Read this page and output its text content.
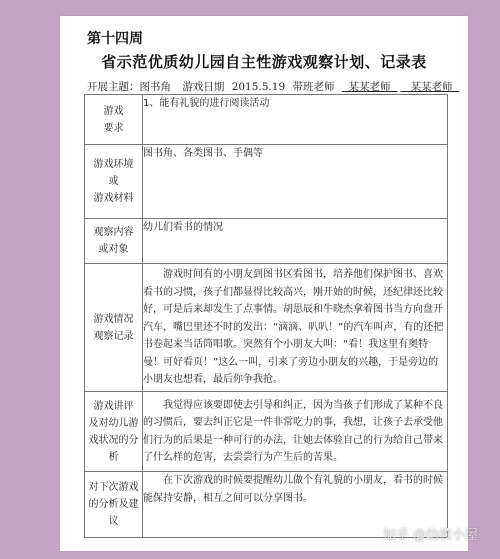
第十四周
省示范优质幼儿园自主性游戏观察计划、记录表
开展主题：图书角 游戏日期 2015.5.19 带班老师 某某老师 某某老师
游戏
要求	1、能有礼貌的进行阅读活动

游戏环境
或
游戏材料	图书角、各类图书、手偶等

观察内容
或对象	幼儿们看书的情况

游戏情况
观察记录	游戏时间有的小朋友到图书区看图书，培养他们保护图书、喜欢看书的习惯，孩子们都显得比较高兴，刚开始的时候，还纪律还比较好，可是后来却发生了点事情。胡思辰和牛晓杰拿着图书当方向盘开汽车，嘴巴里还不时的发出：“滴滴、叭叭！”的汽车叫声，有的还把书卷起来当话筒唱歌。突然有个小朋友大叫：“看！我这里有奥特曼！可好看页！”这么一叫，引来了旁边小朋友的兴趣，于是旁边的小朋友也想看，最后你争我抢。

游戏讲评
及对幼儿游
戏状况的分
析	我觉得应该要即使去引导和纠正，因为当孩子们形成了某种不良的习惯后，要去纠正它是一件非常吃力的事，我想，让孩子去承受他们行为的后果是一种可行的办法，让她去体验自己的行为给自己带来了什么样的危害，去尝尝行为产生后的苦果。

对下次游戏
的分析及建
议	在下次游戏的时候要提醒幼儿做个有礼貌的小朋友，看书的时候能保持安静，相互之间可以分享图书。
知乎 @幼教小屋
